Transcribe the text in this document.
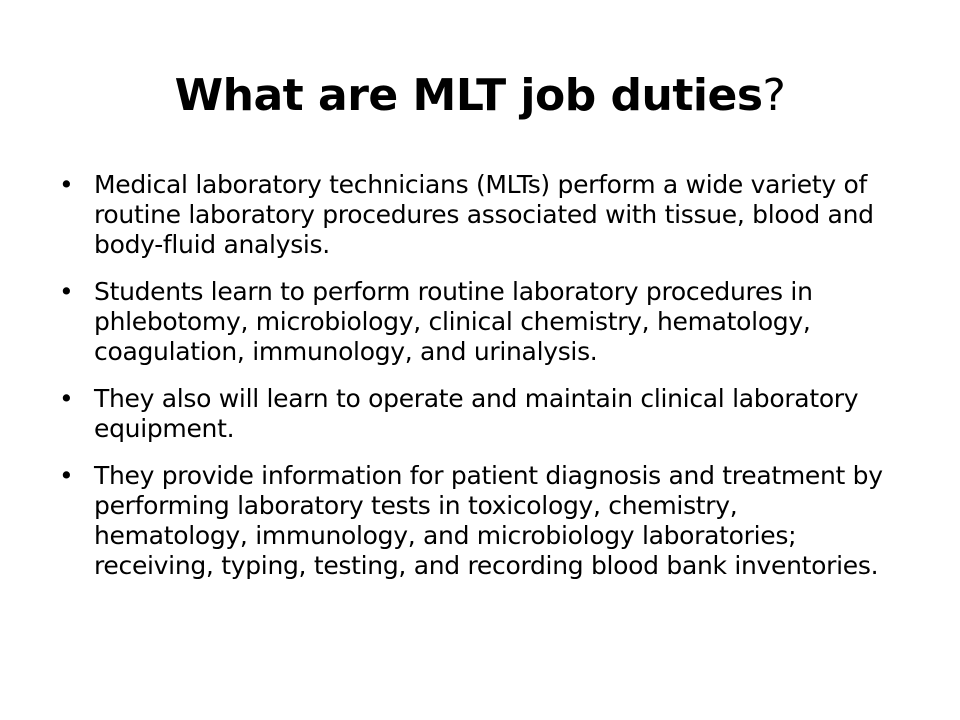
What are MLT job duties?
• Medical laboratory technicians (MLTs) perform a wide variety of routine laboratory procedures associated with tissue, blood and body-fluid analysis.
• Students learn to perform routine laboratory procedures in phlebotomy, microbiology, clinical chemistry, hematology, coagulation, immunology, and urinalysis.
• They also will learn to operate and maintain clinical laboratory equipment.
• They provide information for patient diagnosis and treatment by performing laboratory tests in toxicology, chemistry, hematology, immunology, and microbiology laboratories; receiving, typing, testing, and recording blood bank inventories.
